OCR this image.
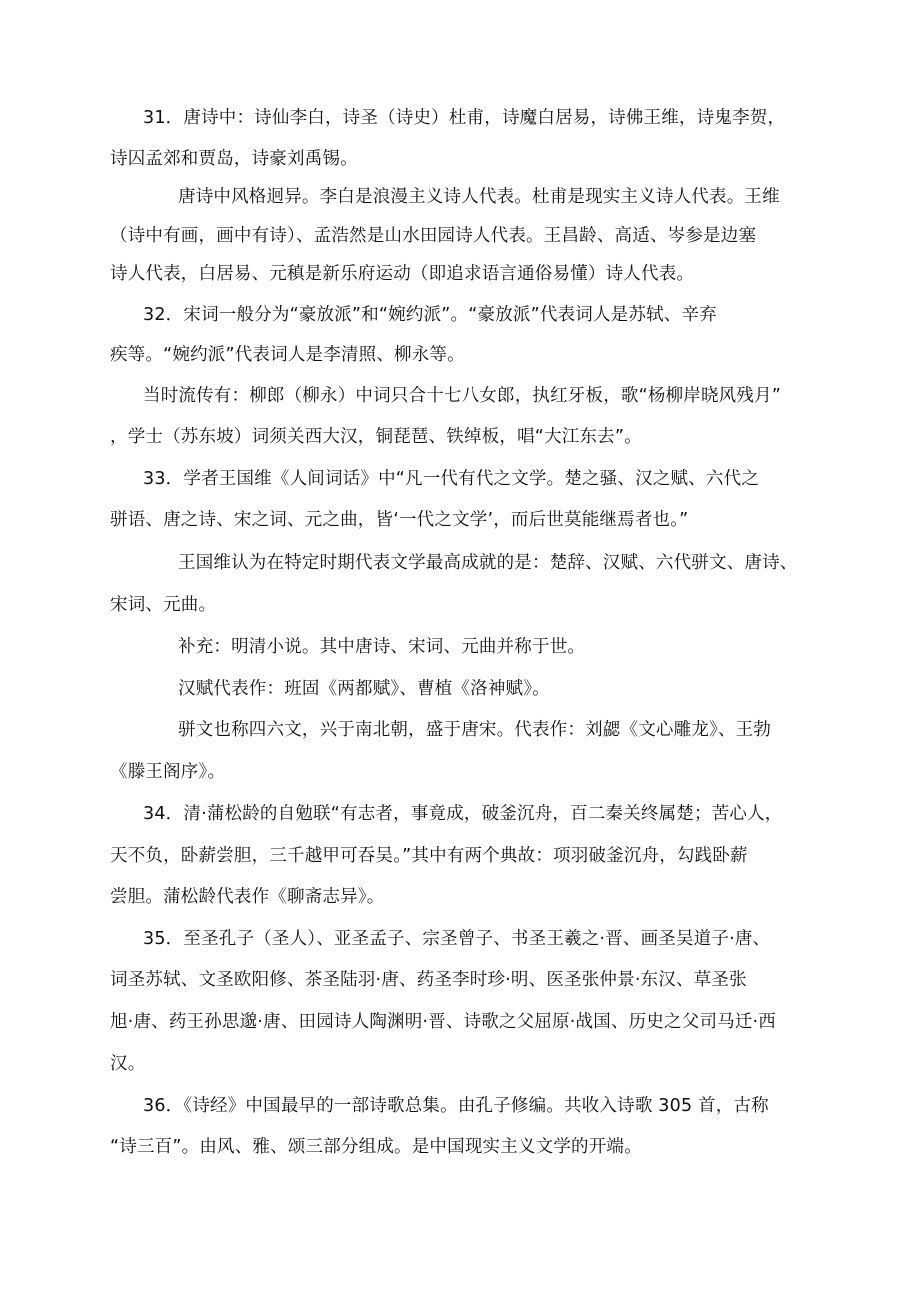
31．唐诗中：诗仙李白，诗圣（诗史）杜甫，诗魔白居易，诗佛王维，诗鬼李贺，
诗囚孟郊和贾岛，诗豪刘禹锡。
唐诗中风格迥异。李白是浪漫主义诗人代表。杜甫是现实主义诗人代表。王维
（诗中有画，画中有诗）、孟浩然是山水田园诗人代表。王昌龄、高适、岑参是边塞
诗人代表，白居易、元稹是新乐府运动（即追求语言通俗易懂）诗人代表。
32．宋词一般分为“豪放派”和“婉约派”。“豪放派”代表词人是苏轼、辛弃
疾等。“婉约派”代表词人是李清照、柳永等。
当时流传有：柳郎（柳永）中词只合十七八女郎，执红牙板，歌“杨柳岸晓风残月”
，学士（苏东坡）词须关西大汉，铜琵琶、铁绰板，唱“大江东去”。
33．学者王国维《人间词话》中“凡一代有代之文学。楚之骚、汉之赋、六代之
骈语、唐之诗、宋之词、元之曲，皆‘一代之文学’，而后世莫能继焉者也。”
王国维认为在特定时期代表文学最高成就的是：楚辞、汉赋、六代骈文、唐诗、
宋词、元曲。
补充：明清小说。其中唐诗、宋词、元曲并称于世。
汉赋代表作：班固《两都赋》、曹植《洛神赋》。
骈文也称四六文，兴于南北朝，盛于唐宋。代表作：刘勰《文心雕龙》、王勃
《滕王阁序》。
34．清·蒲松龄的自勉联“有志者，事竟成，破釜沉舟，百二秦关终属楚；苦心人，
天不负，卧薪尝胆，三千越甲可吞吴。”其中有两个典故：项羽破釜沉舟，勾践卧薪
尝胆。蒲松龄代表作《聊斋志异》。
35．至圣孔子（圣人）、亚圣孟子、宗圣曾子、书圣王羲之·晋、画圣吴道子·唐、
词圣苏轼、文圣欧阳修、茶圣陆羽·唐、药圣李时珍·明、医圣张仲景·东汉、草圣张
旭·唐、药王孙思邈·唐、田园诗人陶渊明·晋、诗歌之父屈原·战国、历史之父司马迁·西
汉。
36．《诗经》中国最早的一部诗歌总集。由孔子修编。共收入诗歌 305 首，古称
“诗三百”。由风、雅、颂三部分组成。是中国现实主义文学的开端。
